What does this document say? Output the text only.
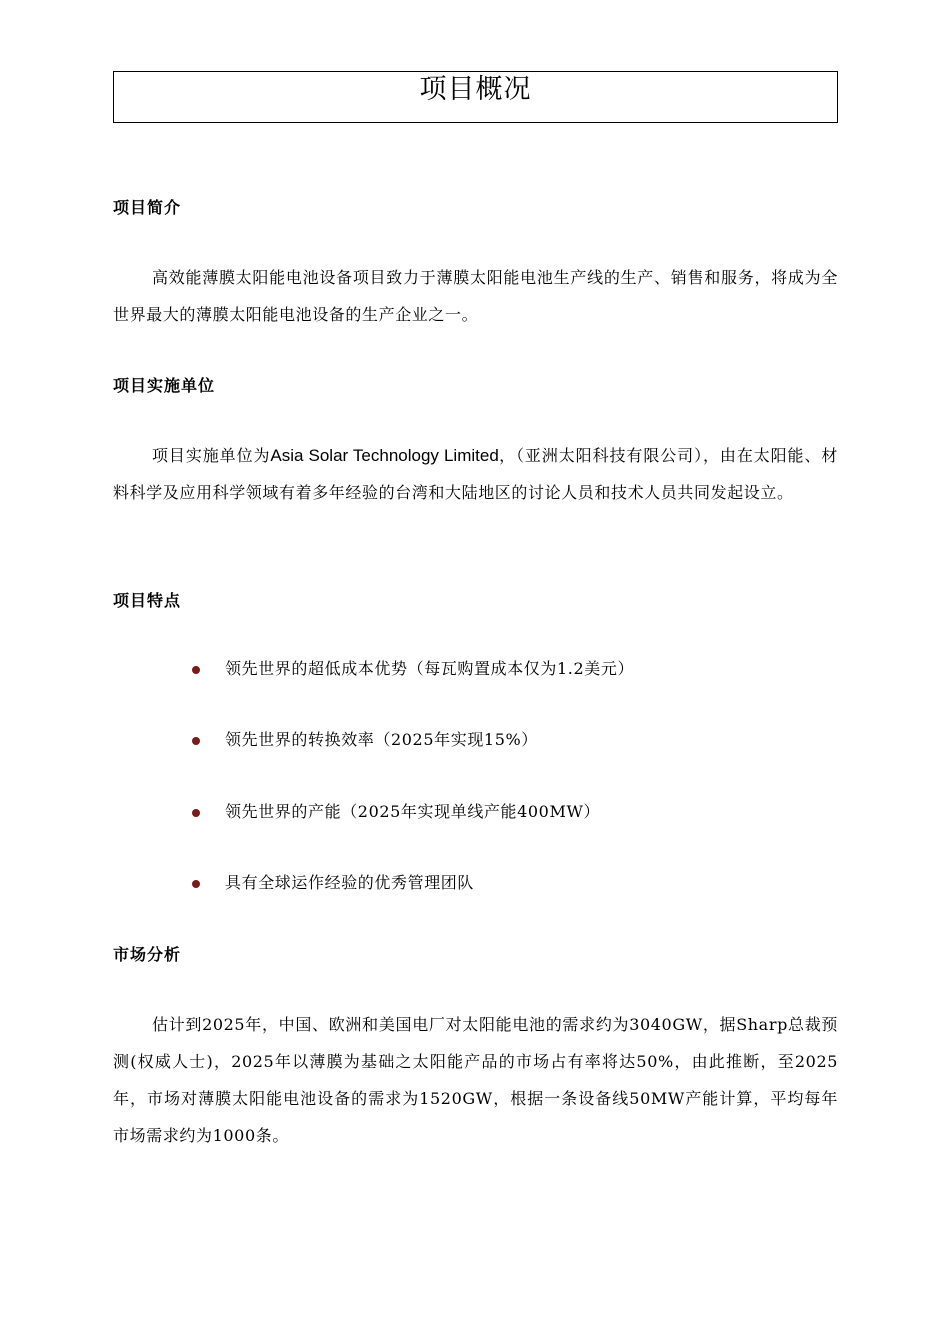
项目概况
项目简介
高效能薄膜太阳能电池设备项目致力于薄膜太阳能电池生产线的生产、销售和服务，将成为全世界最大的薄膜太阳能电池设备的生产企业之一。
项目实施单位
项目实施单位为Asia Solar Technology Limited，（亚洲太阳科技有限公司），由在太阳能、材料科学及应用科学领域有着多年经验的台湾和大陆地区的讨论人员和技术人员共同发起设立。
项目特点
领先世界的超低成本优势（每瓦购置成本仅为1.2美元）
领先世界的转换效率（2025年实现15%）
领先世界的产能（2025年实现单线产能400MW）
具有全球运作经验的优秀管理团队
市场分析
估计到2025年，中国、欧洲和美国电厂对太阳能电池的需求约为3040GW，据Sharp总裁预测(权威人士)，2025年以薄膜为基础之太阳能产品的市场占有率将达50%，由此推断，至2025年，市场对薄膜太阳能电池设备的需求为1520GW，根据一条设备线50MW产能计算，平均每年市场需求约为1000条。
